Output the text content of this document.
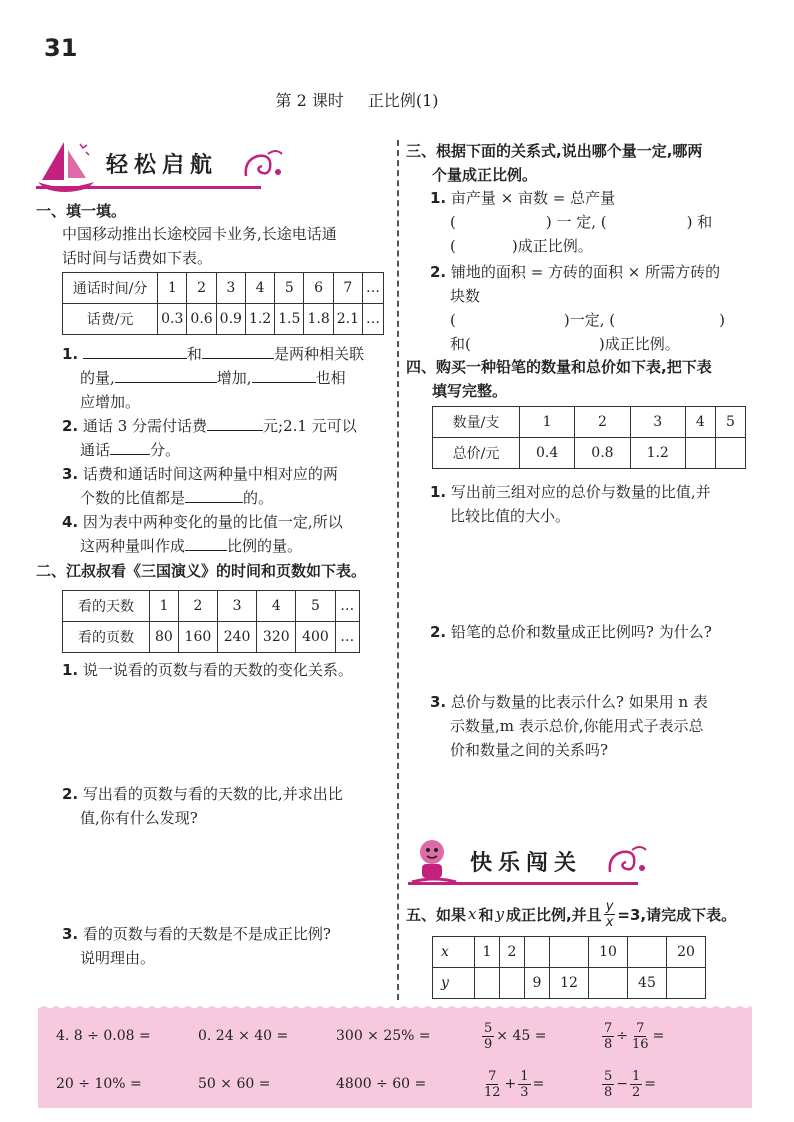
31
第 2 课时 正比例(1)
轻松启航
一、填一填。
中国移动推出长途校园卡业务,长途电话通
话时间与话费如下表。
通话时间/分	1	2	3	4	5	6	7	…
话费/元	0.3	0.6	0.9	1.2	1.5	1.8	2.1	…
1.	和	是两种相关联
的量,	增加,	也相
应增加。
2. 通话 3 分需付话费	元;2.1 元可以
通话	分。
3. 话费和通话时间这两种量中相对应的两
个数的比值都是	的。
4. 因为表中两种变化的量的比值一定,所以
这两种量叫作成	比例的量。
二、江叔叔看《三国演义》的时间和页数如下表。
看的天数	1	2	3	4	5	…
看的页数	80	160	240	320	400	…
1. 说一说看的页数与看的天数的变化关系。
2. 写出看的页数与看的天数的比,并求出比
值,你有什么发现?
3. 看的页数与看的天数是不是成正比例?
说明理由。
三、根据下面的关系式,说出哪个量一定,哪两
个量成正比例。
1. 亩产量 × 亩数 = 总产量
(	) 一 定, (	) 和
(	)成正比例。
2. 铺地的面积 = 方砖的面积 × 所需方砖的
块数
(	)一定, (	)
和(	)成正比例。
四、购买一种铅笔的数量和总价如下表,把下表
填写完整。
数量/支	1	2	3	4	5
总价/元	0.4	0.8	1.2		
1. 写出前三组对应的总价与数量的比值,并
比较比值的大小。
2. 铅笔的总价和数量成正比例吗? 为什么?
3. 总价与数量的比表示什么? 如果用 n 表
示数量,m 表示总价,你能用式子表示总
价和数量之间的关系吗?
快乐闯关
五、如果 x 和 y 成正比例,并且 $\frac{y}{x} =3$,请完成下表。
x	1	2			10		20
y			9	12		45	
4. 8 ÷ 0.08 =	0. 24 × 40 =	300 × 25% =	$\frac{5}{9} \times 45$ =	$\frac{7}{8} \div \frac{7}{16}$ =
20 ÷ 10% =	50 × 60 =	4800 ÷ 60 =	$\frac{7}{12} + \frac{1}{3}$ =	$\frac{5}{8} - \frac{1}{2}$ =
